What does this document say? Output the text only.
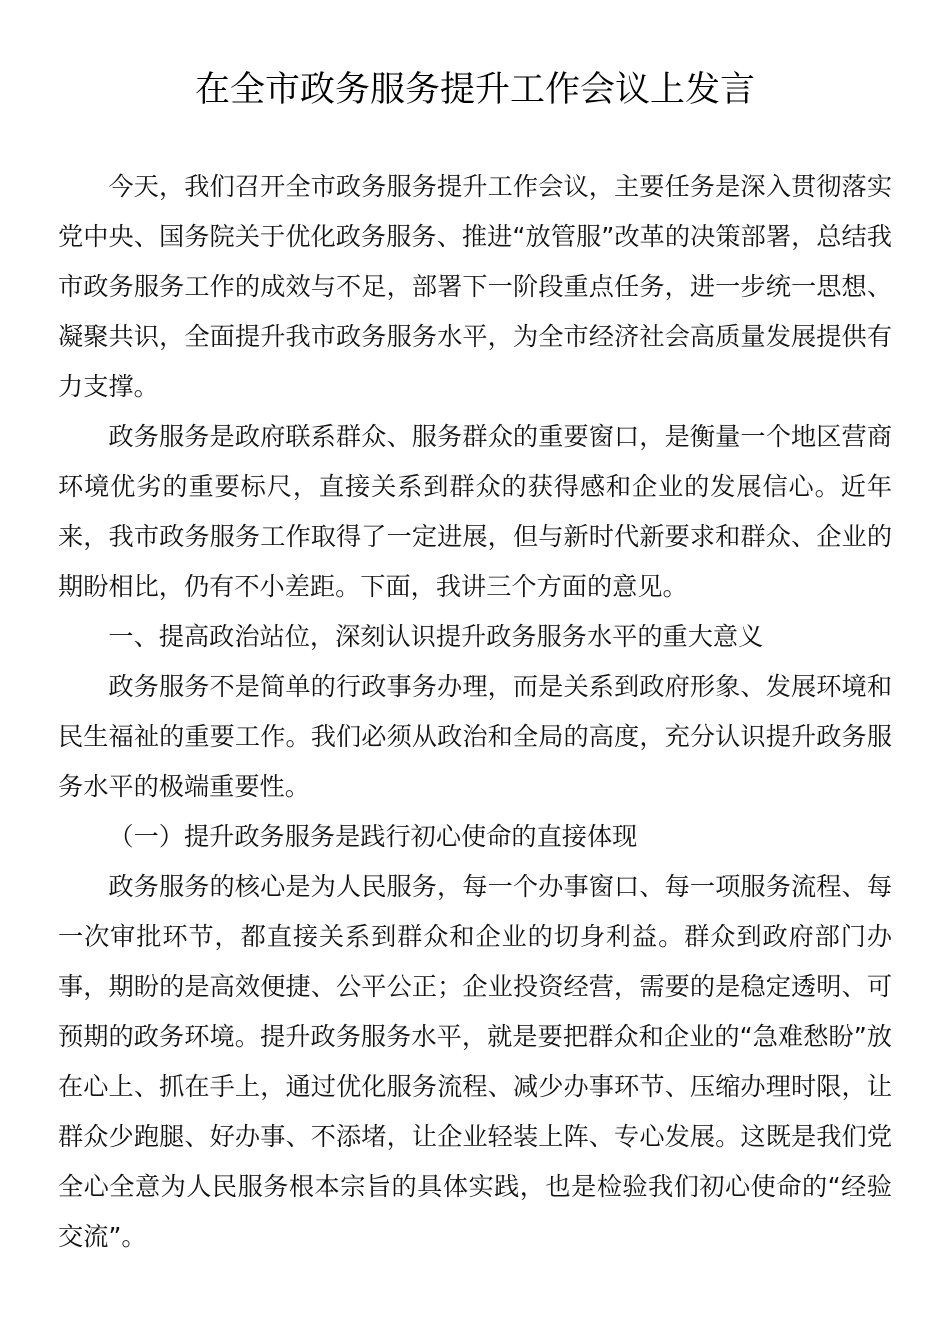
在全市政务服务提升工作会议上发言

今天，我们召开全市政务服务提升工作会议，主要任务是深入贯彻落实党中央、国务院关于优化政务服务、推进“放管服”改革的决策部署，总结我市政务服务工作的成效与不足，部署下一阶段重点任务，进一步统一思想、凝聚共识，全面提升我市政务服务水平，为全市经济社会高质量发展提供有力支撑。

政务服务是政府联系群众、服务群众的重要窗口，是衡量一个地区营商环境优劣的重要标尺，直接关系到群众的获得感和企业的发展信心。近年来，我市政务服务工作取得了一定进展，但与新时代新要求和群众、企业的期盼相比，仍有不小差距。下面，我讲三个方面的意见。

一、提高政治站位，深刻认识提升政务服务水平的重大意义

政务服务不是简单的行政事务办理，而是关系到政府形象、发展环境和民生福祉的重要工作。我们必须从政治和全局的高度，充分认识提升政务服务水平的极端重要性。

（一）提升政务服务是践行初心使命的直接体现

政务服务的核心是为人民服务，每一个办事窗口、每一项服务流程、每一次审批环节，都直接关系到群众和企业的切身利益。群众到政府部门办事，期盼的是高效便捷、公平公正；企业投资经营，需要的是稳定透明、可预期的政务环境。提升政务服务水平，就是要把群众和企业的“急难愁盼”放在心上、抓在手上，通过优化服务流程、减少办事环节、压缩办理时限，让群众少跑腿、好办事、不添堵，让企业轻装上阵、专心发展。这既是我们党全心全意为人民服务根本宗旨的具体实践，也是检验我们初心使命的“经验交流”。
